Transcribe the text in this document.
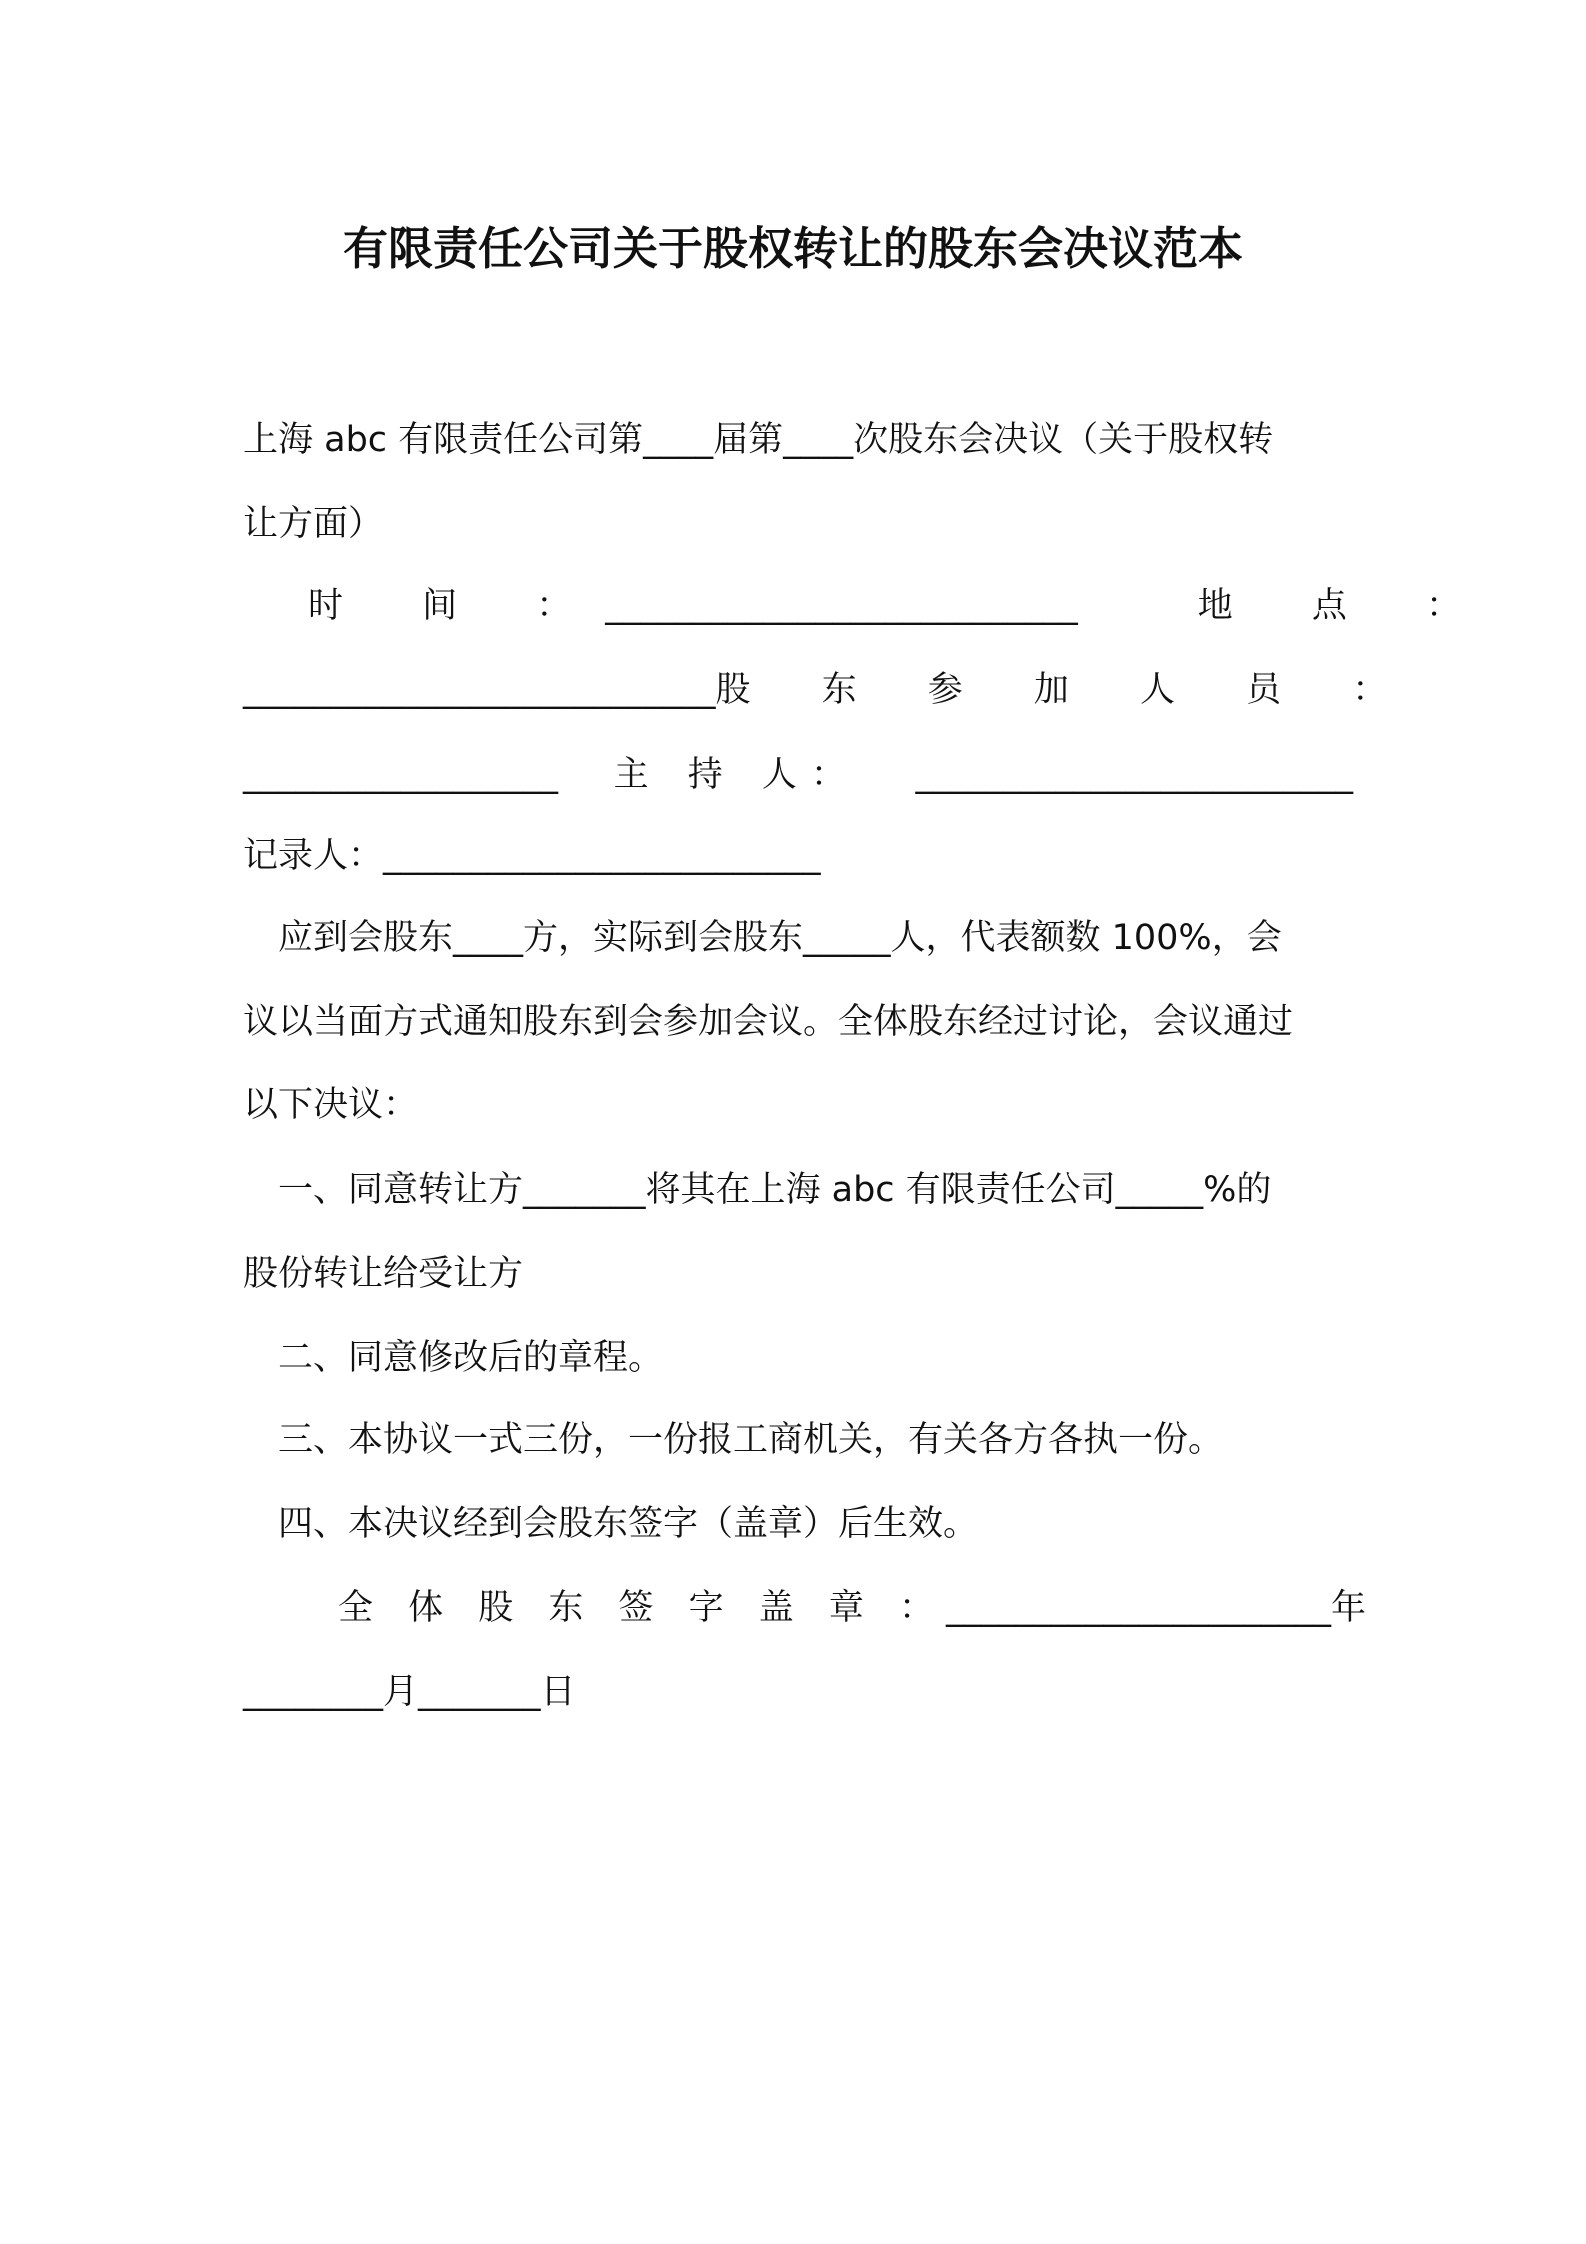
有限责任公司关于股权转让的股东会决议范本
上海 abc 有限责任公司第____届第____次股东会决议（关于股权转
让方面）
时 间 ： ___________________________	地 点 ：
___________________________ 股 东 参 加 人 员 ：
__________________ 主 持 人： _________________________
记录人：_________________________
应到会股东____方，实际到会股东_____人，代表额数 100%，会
议以当面方式通知股东到会参加会议。全体股东经过讨论，会议通过
以下决议：
一、同意转让方_______将其在上海 abc 有限责任公司_____%的
股份转让给受让方
二、同意修改后的章程。
三、本协议一式三份，一份报工商机关，有关各方各执一份。
四、本决议经到会股东签字（盖章）后生效。
全 体 股 东 签 字 盖 章 ： _____________ _________年
________月_______日
